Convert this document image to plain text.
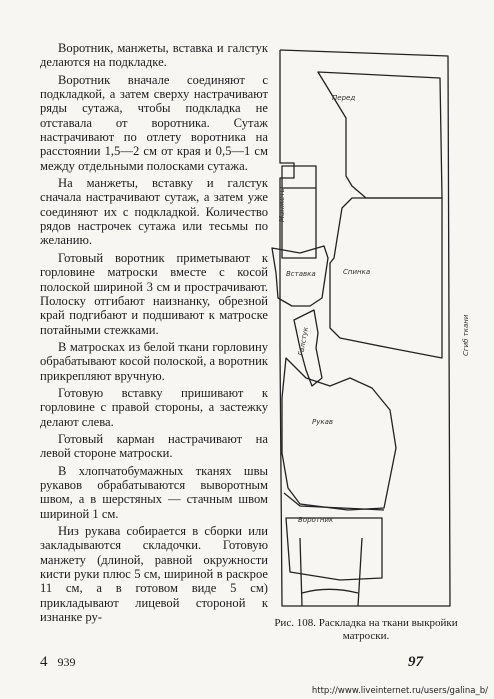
Воротник, манжеты, вставка и галстук делаются на подкладке.

Воротник вначале соединяют с подкладкой, а затем сверху настрачивают ряды сутажа, чтобы подкладка не отставала от воротника. Сутаж настрачивают по отлету воротника на расстоянии 1,5—2 см от края и 0,5—1 см между отдельными полосками сутажа.

На манжеты, вставку и галстук сначала настрачивают сутаж, а затем уже соединяют их с подкладкой. Количество рядов настрочек сутажа или тесьмы по желанию.

Готовый воротник приметывают к горловине матроски вместе с косой полоской шириной 3 см и прострачивают. Полоску отгибают наизнанку, обрезной край подгибают и подшивают к матроске потайными стежками.

В матросках из белой ткани горловину обрабатывают косой полоской, а воротник прикрепляют вручную.

Готовую вставку пришивают к горловине с правой стороны, а застежку делают слева.

Готовый карман настрачивают на левой стороне матроски.

В хлопчатобумажных тканях швы рукавов обрабатываются выворотным швом, а в шерстяных — стачным швом шириной 1 см.

Низ рукава собирается в сборки или закладываются складочки. Готовую манжету (длиной, равной окружности кисти руки плюс 5 см, шириной в раскрое 11 см, а в готовом виде 5 см) прикладывают лицевой стороной к изнанке ру-

Перед
Манжеты
Вставка	Спинка
Галстук
Рукав
Воротник
Сгиб ткани
Рис. 108. Раскладка на ткани выкройки матроски.
4 939	97
http://www.liveinternet.ru/users/galina_b/
